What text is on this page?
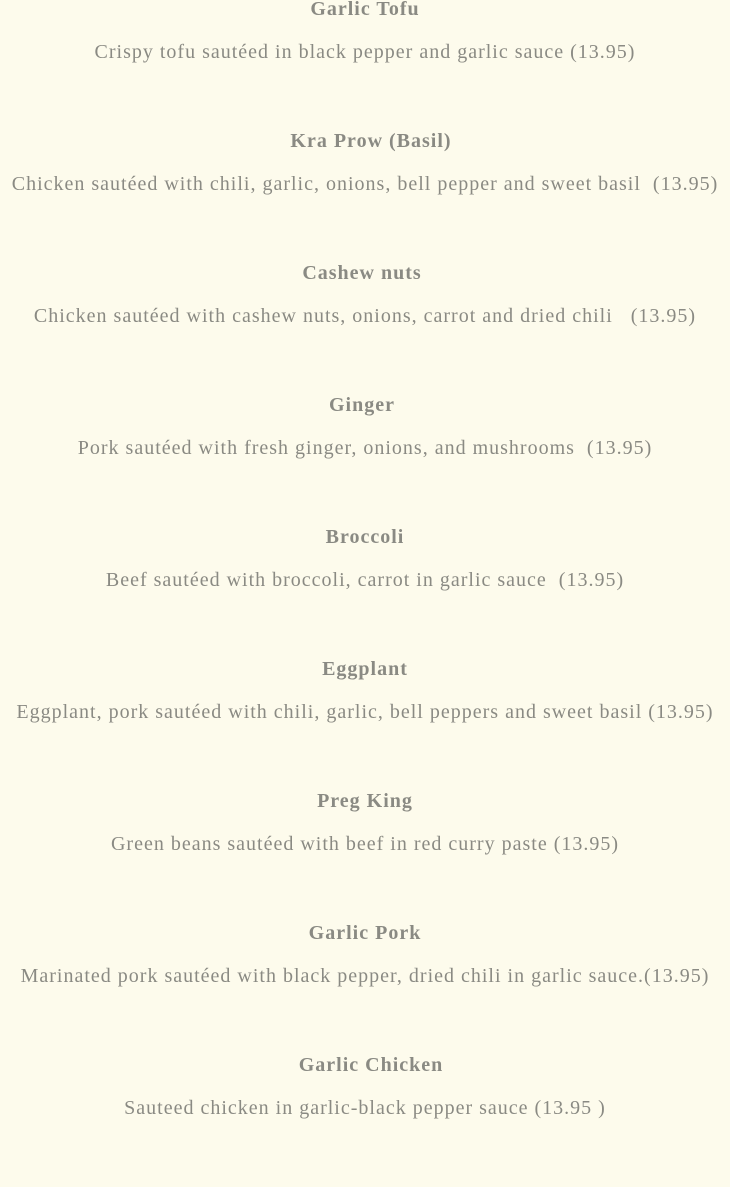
Garlic Tofu
Crispy tofu sautéed in black pepper and garlic sauce (13.95)
Kra Prow (Basil)
Chicken sautéed with chili, garlic, onions, bell pepper and sweet basil  (13.95)
Cashew nuts
Chicken sautéed with cashew nuts, onions, carrot and dried chili   (13.95)
Ginger
Pork sautéed with fresh ginger, onions, and mushrooms  (13.95)
Broccoli
Beef sautéed with broccoli, carrot in garlic sauce  (13.95)
Eggplant
Eggplant, pork sautéed with chili, garlic, bell peppers and sweet basil (13.95)
Preg King
Green beans sautéed with beef in red curry paste (13.95)
Garlic Pork
Marinated pork sautéed with black pepper, dried chili in garlic sauce.(13.95)
Garlic Chicken
Sauteed chicken in garlic-black pepper sauce (13.95 )
